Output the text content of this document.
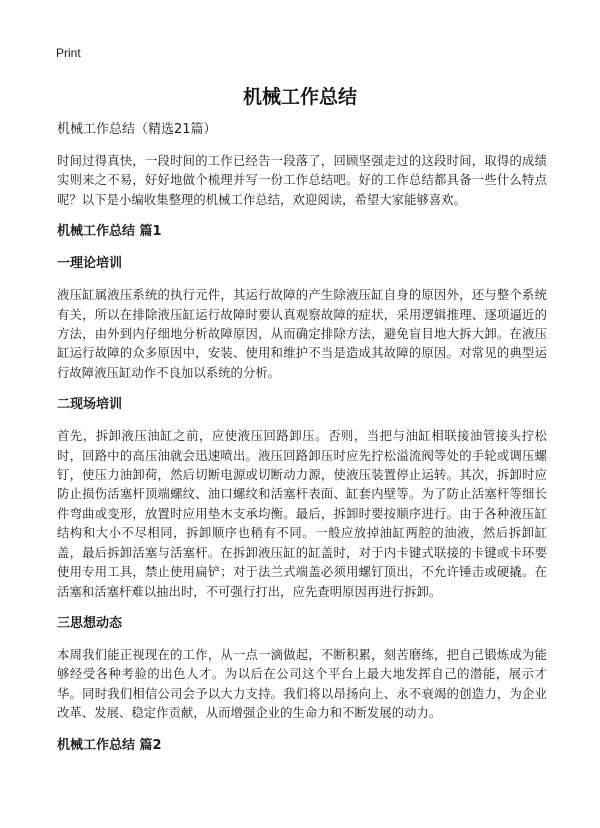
Print
机械工作总结
机械工作总结（精选21篇）

时间过得真快，一段时间的工作已经告一段落了，回顾坚强走过的这段时间，取得的成绩实则来之不易，好好地做个梳理并写一份工作总结吧。好的工作总结都具备一些什么特点呢？以下是小编收集整理的机械工作总结，欢迎阅读，希望大家能够喜欢。

机械工作总结 篇1
一理论培训

液压缸属液压系统的执行元件，其运行故障的产生除液压缸自身的原因外，还与整个系统有关，所以在排除液压缸运行故障时要认真观察故障的症状，采用逻辑推理、逐项逼近的方法，由外到内仔细地分析故障原因，从而确定排除方法，避免盲目地大拆大卸。在液压缸运行故障的众多原因中，安装、使用和维护不当是造成其故障的原因。对常见的典型运行故障液压缸动作不良加以系统的分析。

二现场培训

首先，拆卸液压油缸之前，应使液压回路卸压。否则，当把与油缸相联接油管接头拧松时，回路中的高压油就会迅速喷出。液压回路卸压时应先拧松溢流阀等处的手轮或调压螺钉，使压力油卸荷，然后切断电源或切断动力源，使液压装置停止运转。其次，拆卸时应防止损伤活塞杆顶端螺纹、油口螺纹和活塞杆表面、缸套内壁等。为了防止活塞杆等细长件弯曲或变形，放置时应用垫木支承均衡。最后，拆卸时要按顺序进行。由于各种液压缸结构和大小不尽相同，拆卸顺序也稍有不同。一般应放掉油缸两腔的油液，然后拆卸缸盖，最后拆卸活塞与活塞杆。在拆卸液压缸的缸盖时，对于内卡键式联接的卡键或卡环要使用专用工具，禁止使用扁铲；对于法兰式端盖必须用螺钉顶出，不允许锤击或硬撬。在活塞和活塞杆难以抽出时，不可强行打出，应先查明原因再进行拆卸。

三思想动态

本周我们能正视现在的工作，从一点一滴做起，不断积累，刻苦磨练，把自己锻炼成为能够经受各种考验的出色人才。为以后在公司这个平台上最大地发挥自己的潜能，展示才华。同时我们相信公司会予以大力支持。我们将以昂扬向上、永不衰竭的创造力，为企业改革、发展、稳定作贡献，从而增强企业的生命力和不断发展的动力。

机械工作总结 篇2
